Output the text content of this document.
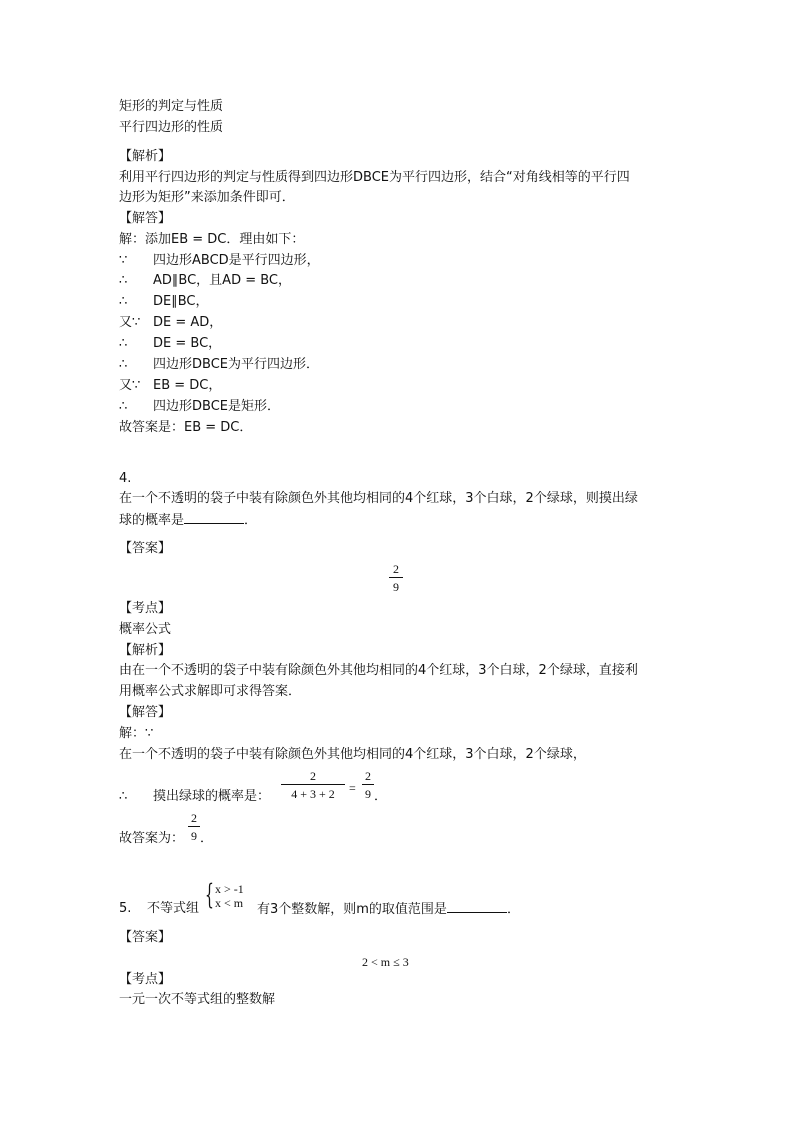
矩形的判定与性质
平行四边形的性质
【解析】
利用平行四边形的判定与性质得到四边形DBCE为平行四边形，结合“对角线相等的平行四
边形为矩形”来添加条件即可．
【解答】
解：添加EB = DC．理由如下：
∵ 四边形ABCD是平行四边形，
∴ AD∥BC，且AD = BC，
∴ DE∥BC，
又∵ DE = AD，
∴ DE = BC，
∴ 四边形DBCE为平行四边形．
又∵ EB = DC，
∴ 四边形DBCE是矩形．
故答案是：EB = DC．
4.
在一个不透明的袋子中装有除颜色外其他均相同的4个红球，3个白球，2个绿球，则摸出绿
球的概率是	．
【答案】
$\frac{2}{9}$
【考点】
概率公式
【解析】
由在一个不透明的袋子中装有除颜色外其他均相同的4个红球，3个白球，2个绿球，直接利
用概率公式求解即可求得答案．
【解答】
解：∵
在一个不透明的袋子中装有除颜色外其他均相同的4个红球，3个白球，2个绿球，
∴ 摸出绿球的概率是： $\frac{2}{4 + 3 + 2} = \frac{2}{9}$ ．
故答案为： $\frac{2}{9}$ ．
5. 不等式组 { x > -1
x < m 有3个整数解，则m的取值范围是	．
【答案】
2 < m ≤ 3
【考点】
一元一次不等式组的整数解
